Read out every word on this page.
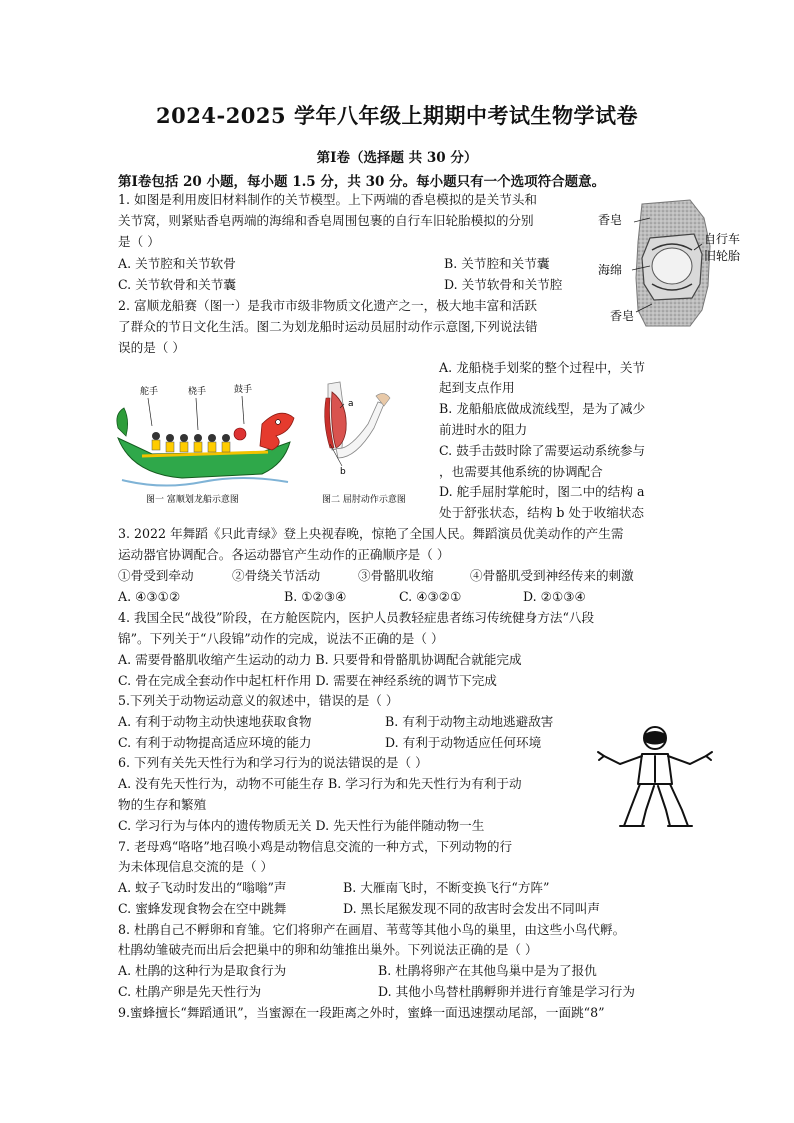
2024-2025 学年八年级上期期中考试生物学试卷
第Ⅰ卷（选择题 共 30 分）
第Ⅰ卷包括 20 小题，每小题 1.5 分，共 30 分。每小题只有一个选项符合题意。
1. 如图是利用废旧材料制作的关节模型。上下两端的香皂模拟的是关节头和
关节窝，则紧贴香皂两端的海绵和香皂周围包裹的自行车旧轮胎模拟的分别
是（ ）
A. 关节腔和关节软骨	B. 关节腔和关节囊
C. 关节软骨和关节囊	D. 关节软骨和关节腔
香皂
自行车
旧轮胎
海绵
香皂
2. 富顺龙船赛（图一）是我市市级非物质文化遗产之一，极大地丰富和活跃
了群众的节日文化生活。图二为划龙船时运动员屈肘动作示意图,下列说法错
误的是（ ）
A. 龙船桡手划桨的整个过程中，关节
起到支点作用
B. 龙船船底做成流线型，是为了减少
前进时水的阻力
C. 鼓手击鼓时除了需要运动系统参与
，也需要其他系统的协调配合
D. 舵手屈肘掌舵时，图二中的结构 a
处于舒张状态，结构 b 处于收缩状态
舵手	桡手	鼓手
图一 富顺划龙船示意图
a
b
图二 屈肘动作示意图
3. 2022 年舞蹈《只此青绿》登上央视春晚，惊艳了全国人民。舞蹈演员优美动作的产生需
运动器官协调配合。各运动器官产生动作的正确顺序是（ ）
①骨受到牵动	②骨绕关节活动	③骨骼肌收缩	④骨骼肌受到神经传来的刺激
A. ④③①②	B. ①②③④	C. ④③②①	D. ②①③④
4. 我国全民“战役”阶段，在方舱医院内，医护人员教轻症患者练习传统健身方法“八段
锦”。下列关于“八段锦”动作的完成，说法不正确的是（ ）
A. 需要骨骼肌收缩产生运动的动力 B. 只要骨和骨骼肌协调配合就能完成
C. 骨在完成全套动作中起杠杆作用 D. 需要在神经系统的调节下完成
5.下列关于动物运动意义的叙述中，错误的是（ ）
A. 有利于动物主动快速地获取食物	B. 有利于动物主动地逃避敌害
C. 有利于动物提高适应环境的能力	D. 有利于动物适应任何环境
6. 下列有关先天性行为和学习行为的说法错误的是（ ）
A. 没有先天性行为，动物不可能生存 B. 学习行为和先天性行为有利于动
物的生存和繁殖
C. 学习行为与体内的遗传物质无关 D. 先天性行为能伴随动物一生
7. 老母鸡“咯咯”地召唤小鸡是动物信息交流的一种方式，下列动物的行
为未体现信息交流的是（ ）
A. 蚊子飞动时发出的“嗡嗡”声	B. 大雁南飞时，不断变换飞行“方阵”
C. 蜜蜂发现食物会在空中跳舞	D. 黑长尾猴发现不同的敌害时会发出不同叫声
8. 杜鹃自己不孵卵和育雏。它们将卵产在画眉、苇莺等其他小鸟的巢里，由这些小鸟代孵。
杜鹃幼雏破壳而出后会把巢中的卵和幼雏推出巢外。下列说法正确的是（ ）
A. 杜鹃的这种行为是取食行为	B. 杜鹃将卵产在其他鸟巢中是为了报仇
C. 杜鹃产卵是先天性行为	D. 其他小鸟替杜鹃孵卵并进行育雏是学习行为
9.蜜蜂擅长“舞蹈通讯”，当蜜源在一段距离之外时，蜜蜂一面迅速摆动尾部，一面跳“8”
